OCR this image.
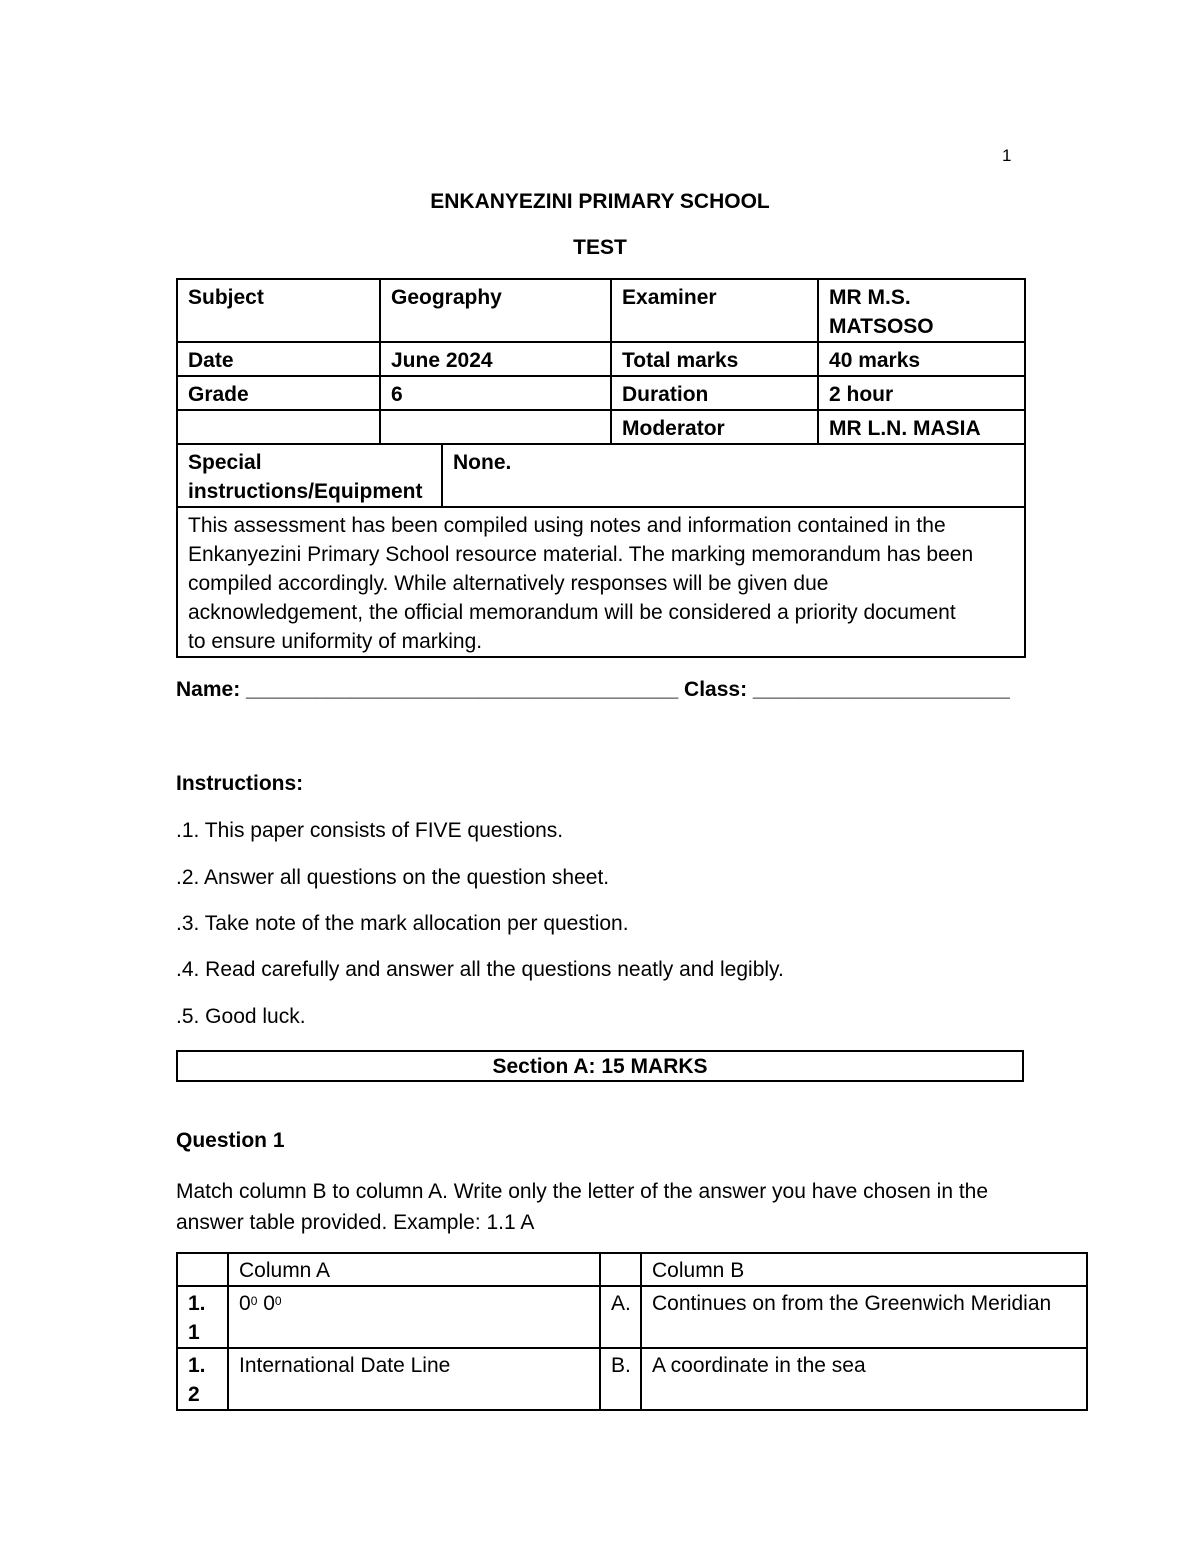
1
ENKANYEZINI PRIMARY SCHOOL
TEST
Subject	Geography		Examiner	MR M.S.
MATSOSO

Date	June 2024		Total marks	40 marks
Grade	6		Duration	2 hour
			Moderator	MR L.N. MASIA

Special
instructions/Equipment		None.		

This assessment has been compiled using notes and information contained in the
Enkanyezini Primary School resource material. The marking memorandum has been
compiled accordingly. While alternatively responses will be given due
acknowledgement, the official memorandum will be considered a priority document
to ensure uniformity of marking.				
Name: _____________________________________ Class: ______________________
Instructions:
.1. This paper consists of FIVE questions.
.2. Answer all questions on the question sheet.
.3. Take note of the mark allocation per question.
.4. Read carefully and answer all the questions neatly and legibly.
.5. Good luck.
Section A: 15 MARKS
Question 1
Match column B to column A. Write only the letter of the answer you have chosen in the
answer table provided. Example: 1.1 A
	Column A		Column B

1.
1	$0^0$ $0^0$	A.	Continues on from the Greenwich Meridian

1.
2	International Date Line	B.	A coordinate in the sea
